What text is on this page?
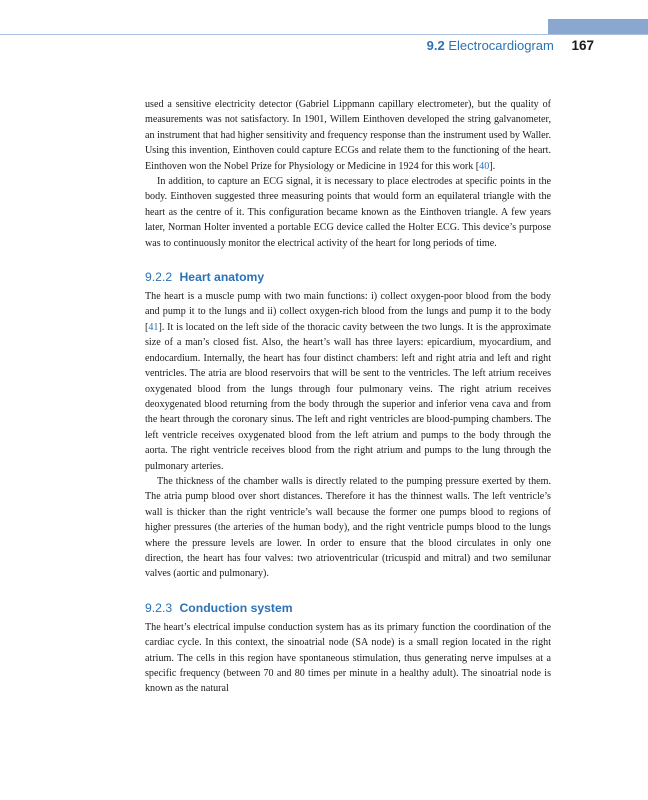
9.2 Electrocardiogram 167

used a sensitive electricity detector (Gabriel Lippmann capillary electrometer), but the quality of measurements was not satisfactory. In 1901, Willem Einthoven developed the string galvanometer, an instrument that had higher sensitivity and frequency response than the instrument used by Waller. Using this invention, Einthoven could capture ECGs and relate them to the functioning of the heart. Einthoven won the Nobel Prize for Physiology or Medicine in 1924 for this work [40].

In addition, to capture an ECG signal, it is necessary to place electrodes at specific points in the body. Einthoven suggested three measuring points that would form an equilateral triangle with the heart as the centre of it. This configuration became known as the Einthoven triangle. A few years later, Norman Holter invented a portable ECG device called the Holter ECG. This device’s purpose was to continuously monitor the electrical activity of the heart for long periods of time.

9.2.2 Heart anatomy

The heart is a muscle pump with two main functions: i) collect oxygen-poor blood from the body and pump it to the lungs and ii) collect oxygen-rich blood from the lungs and pump it to the body [41]. It is located on the left side of the thoracic cavity between the two lungs. It is the approximate size of a man’s closed fist. Also, the heart’s wall has three layers: epicardium, myocardium, and endocardium. Internally, the heart has four distinct chambers: left and right atria and left and right ventricles. The atria are blood reservoirs that will be sent to the ventricles. The left atrium receives oxygenated blood from the lungs through four pulmonary veins. The right atrium receives deoxygenated blood returning from the body through the superior and inferior vena cava and from the heart through the coronary sinus. The left and right ventricles are blood-pumping chambers. The left ventricle receives oxygenated blood from the left atrium and pumps to the body through the aorta. The right ventricle receives blood from the right atrium and pumps to the lung through the pulmonary arteries.

The thickness of the chamber walls is directly related to the pumping pressure exerted by them. The atria pump blood over short distances. Therefore it has the thinnest walls. The left ventricle’s wall is thicker than the right ventricle’s wall because the former one pumps blood to regions of higher pressures (the arteries of the human body), and the right ventricle pumps blood to the lungs where the pressure levels are lower. In order to ensure that the blood circulates in only one direction, the heart has four valves: two atrioventricular (tricuspid and mitral) and two semilunar valves (aortic and pulmonary).

9.2.3 Conduction system

The heart’s electrical impulse conduction system has as its primary function the coordination of the cardiac cycle. In this context, the sinoatrial node (SA node) is a small region located in the right atrium. The cells in this region have spontaneous stimulation, thus generating nerve impulses at a specific frequency (between 70 and 80 times per minute in a healthy adult). The sinoatrial node is known as the natural
